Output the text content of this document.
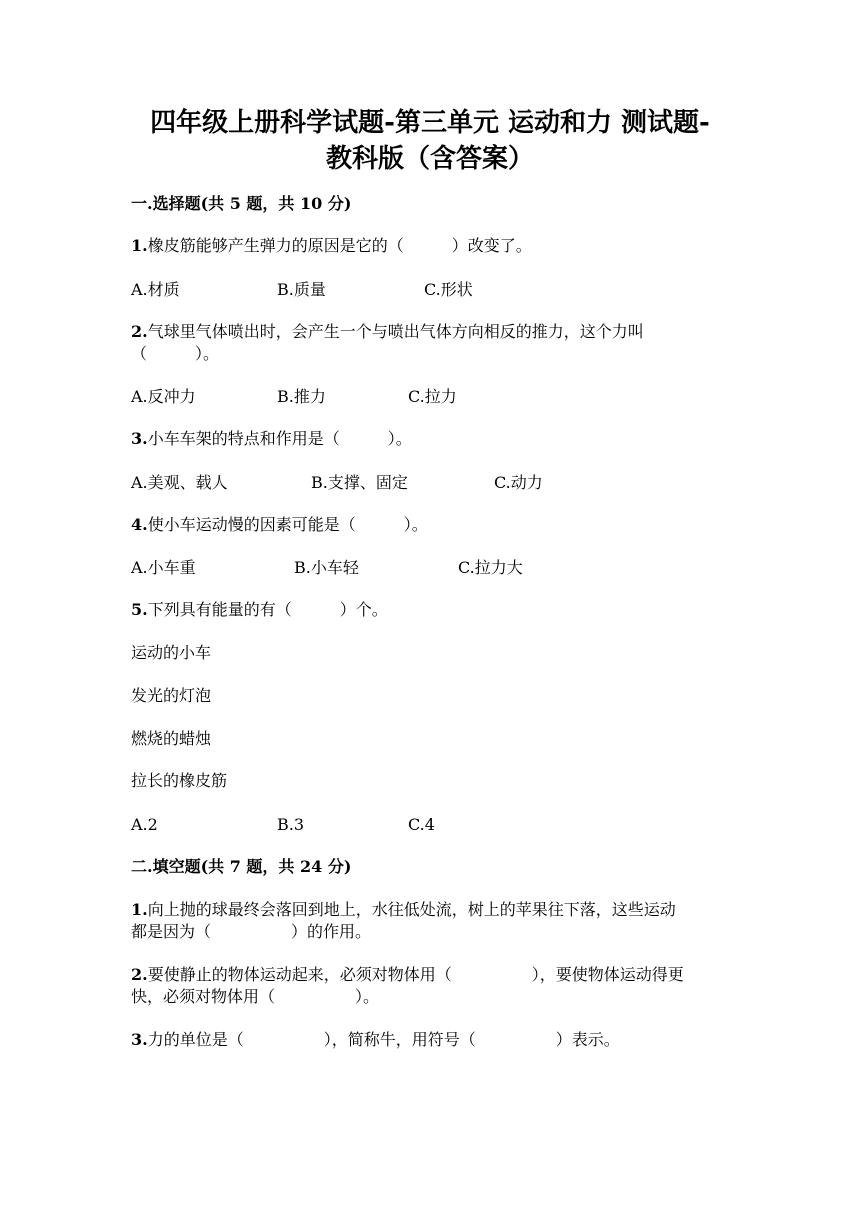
四年级上册科学试题-第三单元 运动和力 测试题-
教科版（含答案）
一.选择题(共 5 题，共 10 分)
1.橡皮筋能够产生弹力的原因是它的（　　　）改变了。
A.材质	B.质量	C.形状
2.气球里气体喷出时，会产生一个与喷出气体方向相反的推力，这个力叫
（　　　）。
A.反冲力	B.推力	C.拉力
3.小车车架的特点和作用是（　　　）。
A.美观、载人	B.支撑、固定	C.动力
4.使小车运动慢的因素可能是（　　　）。
A.小车重	B.小车轻	C.拉力大
5.下列具有能量的有（　　　）个。
运动的小车
发光的灯泡
燃烧的蜡烛
拉长的橡皮筋
A.2	B.3	C.4
二.填空题(共 7 题，共 24 分)
1.向上抛的球最终会落回到地上，水往低处流，树上的苹果往下落，这些运动
都是因为（　　　　　）的作用。
2.要使静止的物体运动起来，必须对物体用（　　　　　），要使物体运动得更
快，必须对物体用（　　　　　）。
3.力的单位是（　　　　　），简称牛，用符号（　　　　　）表示。
